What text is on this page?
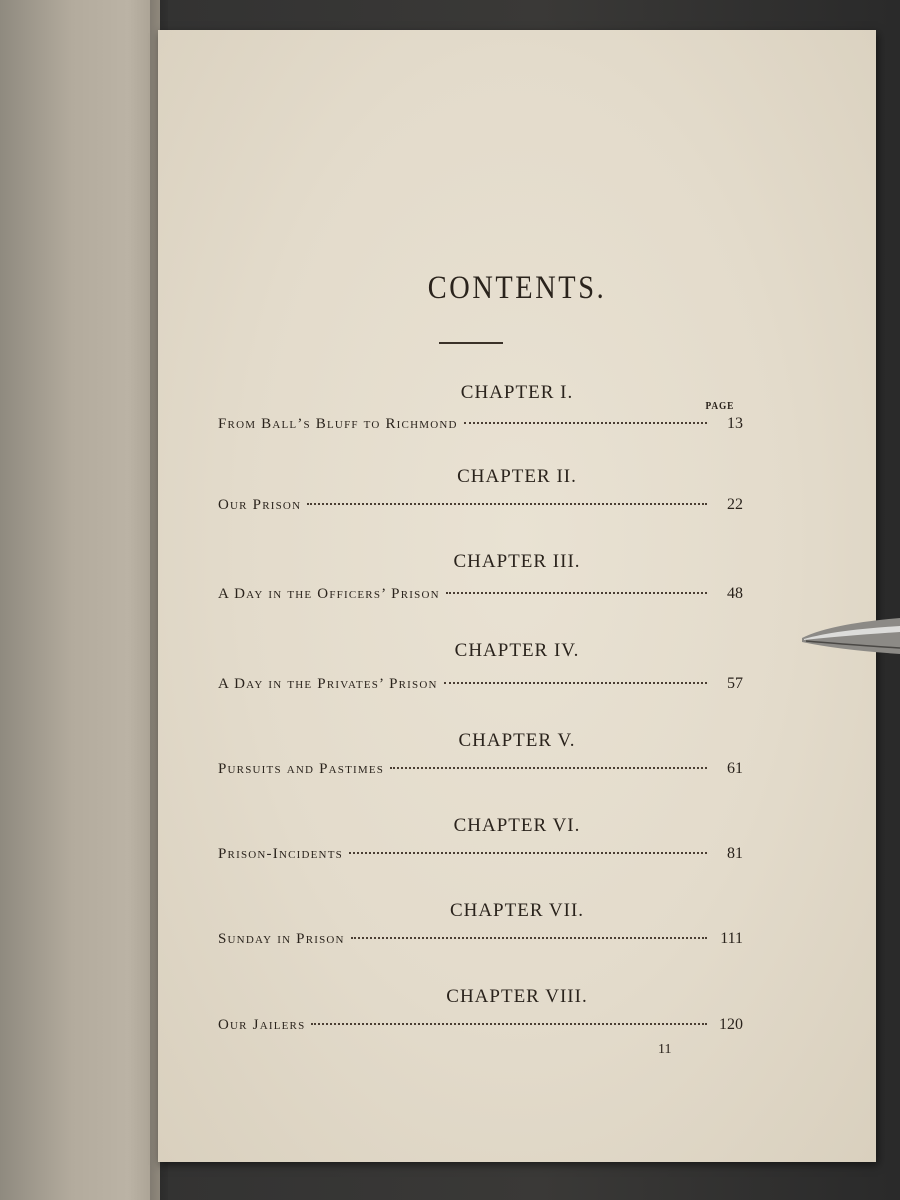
CONTENTS.
PAGE
CHAPTER I.
From Ball’s Bluff to Richmond	13
CHAPTER II.
Our Prison	22
CHAPTER III.
A Day in the Officers’ Prison	48
CHAPTER IV.
A Day in the Privates’ Prison	57
CHAPTER V.
Pursuits and Pastimes	61
CHAPTER VI.
Prison-Incidents	81
CHAPTER VII.
Sunday in Prison	111
CHAPTER VIII.
Our Jailers	120
11
